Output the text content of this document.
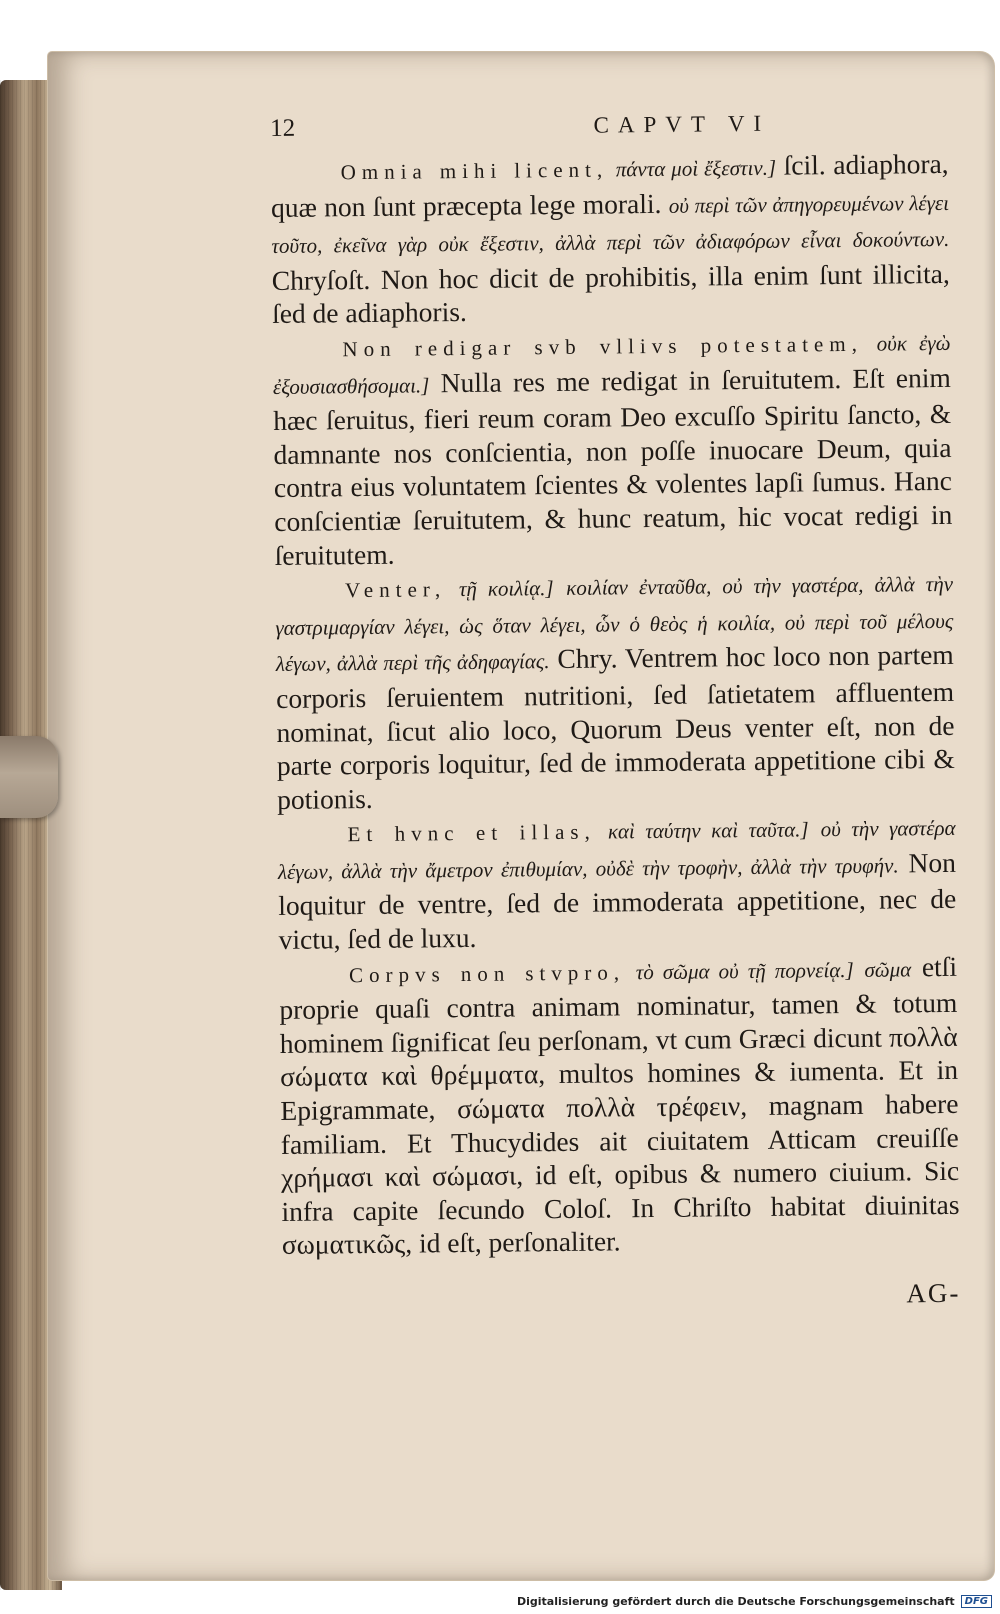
12	CAPVT VI

Omnia mihi licent, πάντα μοὶ ἔξεστιν.] ſcil. adiaphora, quæ non ſunt præcepta lege morali. οὐ περὶ τῶν ἀπηγορευμένων λέγει τοῦτο, ἐκεῖνα γὰρ οὐκ ἔξεστιν, ἀλλὰ περὶ τῶν ἀδιαφόρων εἶναι δοκούντων. Chryſoſt. Non hoc dicit de prohibitis, illa enim ſunt illicita, ſed de adiaphoris.

Non redigar svb vllivs potestatem, οὐκ ἐγὼ ἐξουσιασθήσομαι.] Nulla res me redigat in ſeruitutem. Eſt enim hæc ſeruitus, fieri reum coram Deo excuſſo Spiritu ſancto, & damnante nos conſcientia, non poſſe inuocare Deum, quia contra eius voluntatem ſcientes & volentes lapſi ſumus. Hanc conſcientiæ ſeruitutem, & hunc reatum, hic vocat redigi in ſeruitutem.

Venter, τῇ κοιλίᾳ.] κοιλίαν ἐνταῦθα, οὐ τὴν γαστέρα, ἀλλὰ τὴν γαστριμαργίαν λέγει, ὡς ὅταν λέγει, ὧν ὁ θεὸς ἡ κοιλία, οὐ περὶ τοῦ μέλους λέγων, ἀλλὰ περὶ τῆς ἀδηφαγίας. Chry. Ventrem hoc loco non partem corporis ſeruientem nutritioni, ſed ſatietatem affluentem nominat, ſicut alio loco, Quorum Deus venter eſt, non de parte corporis loquitur, ſed de immoderata appetitione cibi & potionis.

Et hvnc et illas, καὶ ταύτην καὶ ταῦτα.] οὐ τὴν γαστέρα λέγων, ἀλλὰ τὴν ἄμετρον ἐπιθυμίαν, οὐδὲ τὴν τροφὴν, ἀλλὰ τὴν τρυφήν. Non loquitur de ventre, ſed de immoderata appetitione, nec de victu, ſed de luxu.

Corpvs non stvpro, τὸ σῶμα οὐ τῇ πορνείᾳ.] σῶμα etſi proprie quaſi contra animam nominatur, tamen & totum hominem ſignificat ſeu perſonam, vt cum Græci dicunt πολλὰ σώματα καὶ θρέμματα, multos homines & iumenta. Et in Epigrammate, σώματα πολλὰ τρέφειν, magnam habere familiam. Et Thucydides ait ciuitatem Atticam creuiſſe χρήμασι καὶ σώμασι, id eſt, opibus & numero ciuium. Sic infra capite ſecundo Coloſ. In Chriſto habitat diuinitas σωματικῶς, id eſt, perſonaliter.

AG-
Digitalisierung gefördert durch die Deutsche Forschungsgemeinschaft	DFG
